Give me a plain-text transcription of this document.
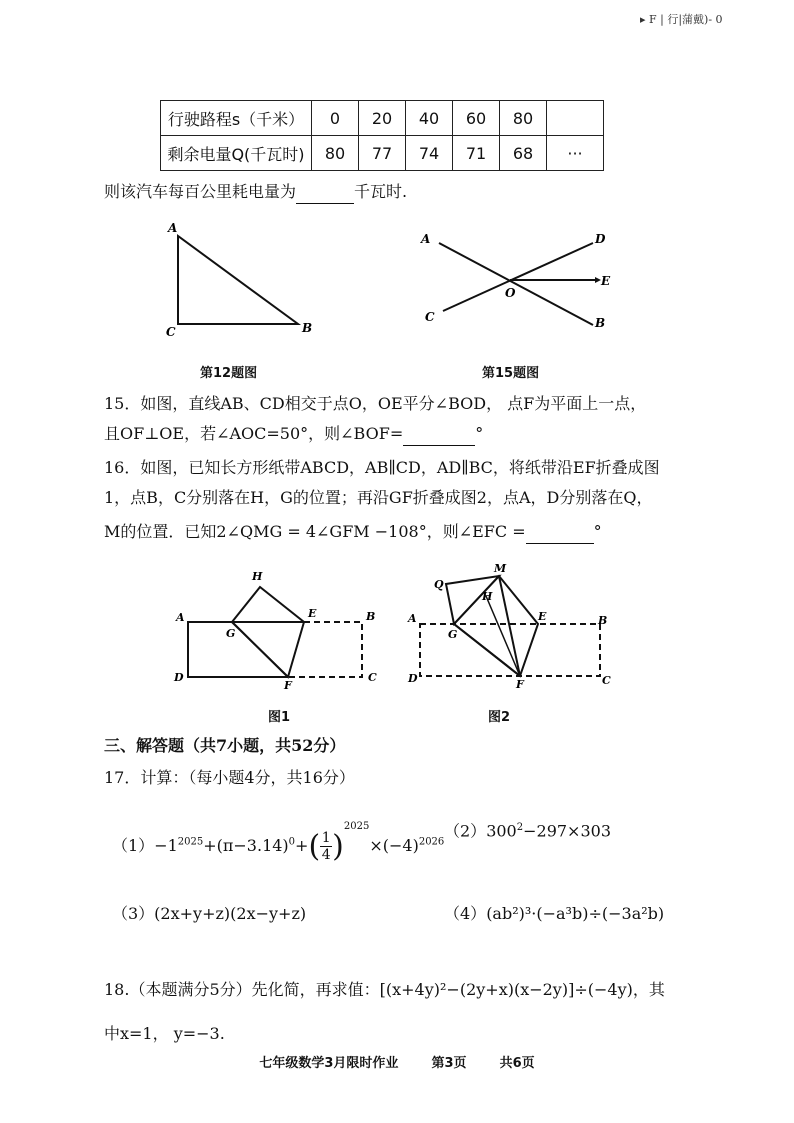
▸ F | 行|蒲戴)- 0
行驶路程s（千米）	0	20	40	60	80	
剩余电量Q(千瓦时)	80	77	74	71	68	···
则该汽车每百公里耗电量为	千瓦时.
A
C	B
第12题图
A	D
E
O
C	B
第15题图
15．如图，直线AB、CD相交于点O，OE平分∠BOD， 点F为平面上一点，
且OF⊥OE，若∠AOC=50°，则∠BOF=	°
16．如图，已知长方形纸带ABCD，AB∥CD，AD∥BC，将纸带沿EF折叠成图
1，点B，C分别落在H，G的位置；再沿GF折叠成图2，点A，D分别落在Q，
M的位置．已知2∠QMG = 4∠GFM −108°，则∠EFC =	°
H
A
G
E	B
D
F
C
图1
M
Q
H
A
G
E	B
D	F	C
图2
三、解答题（共7小题，共52分）
17．计算：（每小题4分，共16分）
$(1)-1^{2025}+(\pi-3.14)^0+( \frac{1}{4} )^{2025}\times(-4)^{2026}$
$(2)300^2-297\times 303$
（3）(2x+y+z)(2x−y+z)	（4）(ab²)³·(−a³b)÷(−3a²b)
18.（本题满分5分）先化简，再求值：[(x+4y)²−(2y+x)(x−2y)]÷(−4y)，其
中x=1， y=−3.
七年级数学3月限时作业	第3页	共6页
